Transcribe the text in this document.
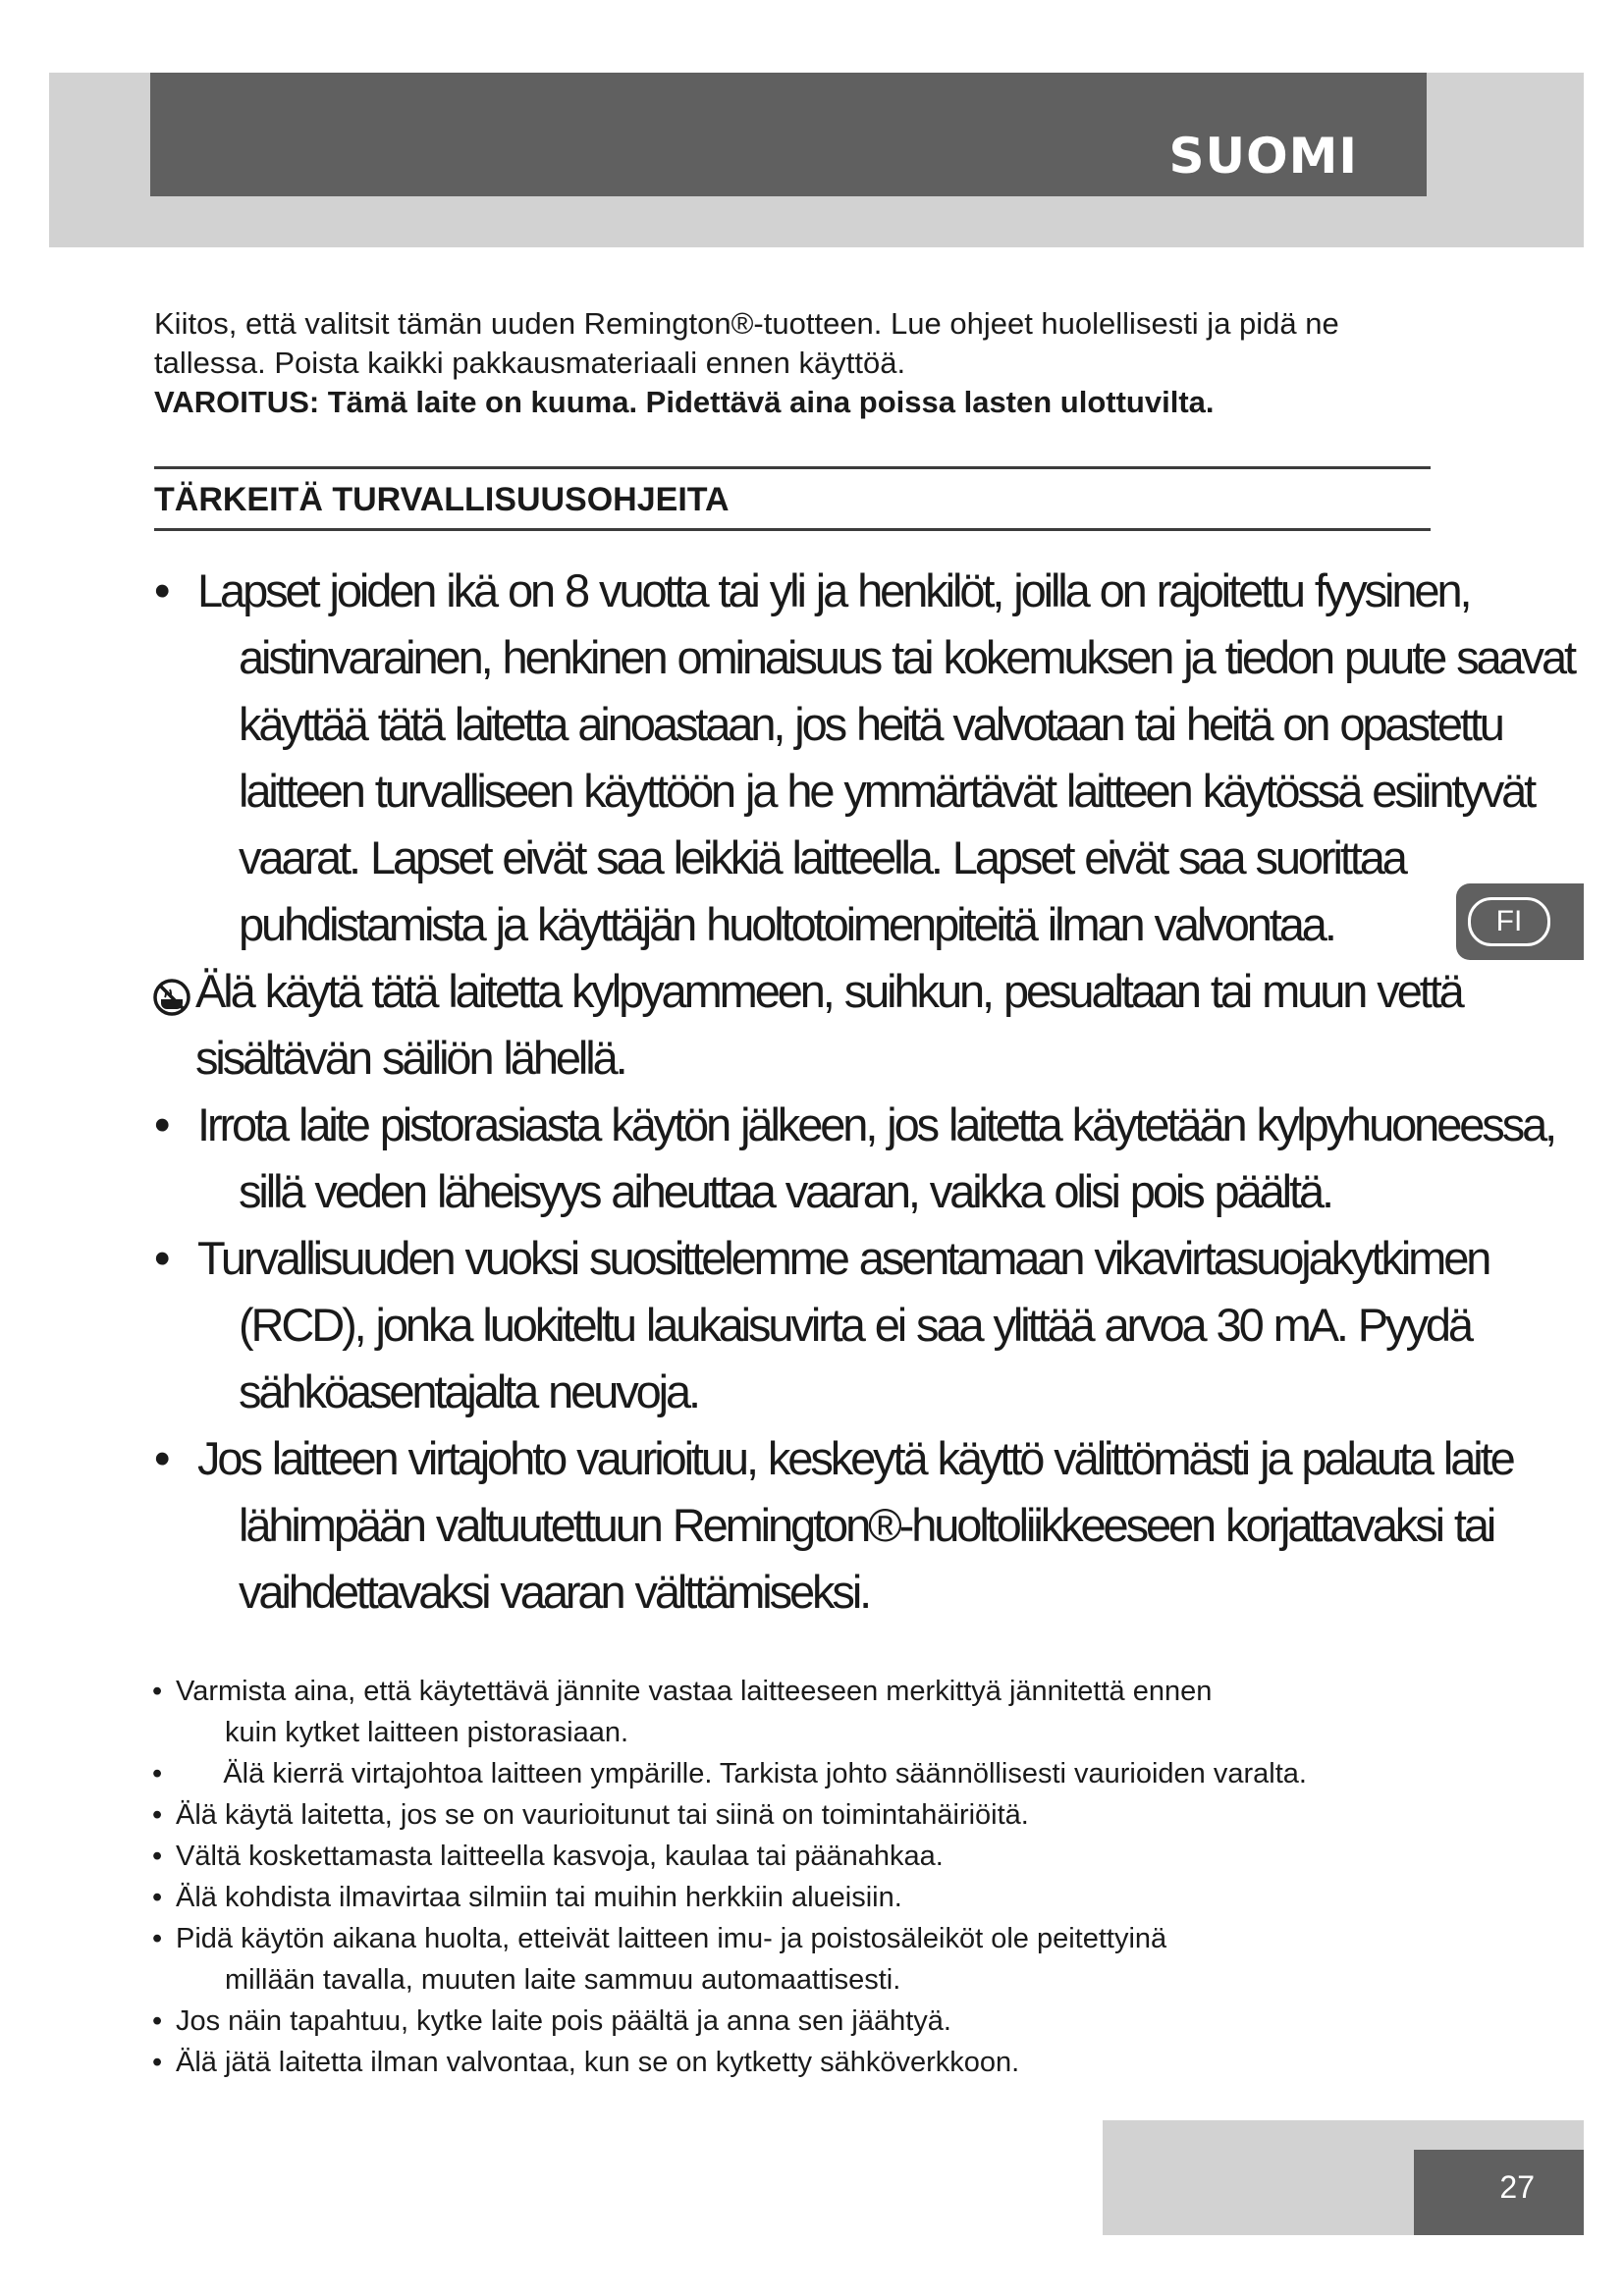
SUOMI

Kiitos, että valitsit tämän uuden Remington®-tuotteen. Lue ohjeet huolellisesti ja pidä ne

tallessa. Poista kaikki pakkausmateriaali ennen käyttöä.

VAROITUS: Tämä laite on kuuma. Pidettävä aina poissa lasten ulottuvilta.

TÄRKEITÄ TURVALLISUUSOHJEITA
• Lapset joiden ikä on 8 vuotta tai yli ja henkilöt, joilla on rajoitettu fyysinen,
aistinvarainen, henkinen ominaisuus tai kokemuksen ja tiedon puute saavat
käyttää tätä laitetta ainoastaan, jos heitä valvotaan tai heitä on opastettu
laitteen turvalliseen käyttöön ja he ymmärtävät laitteen käytössä esiintyvät
vaarat. Lapset eivät saa leikkiä laitteella. Lapset eivät saa suorittaa
puhdistamista ja käyttäjän huoltotoimenpiteitä ilman valvontaa.
Älä käytä tätä laitetta kylpyammeen, suihkun, pesualtaan tai muun vettä
sisältävän säiliön lähellä.
• Irrota laite pistorasiasta käytön jälkeen, jos laitetta käytetään kylpyhuoneessa,
sillä veden läheisyys aiheuttaa vaaran, vaikka olisi pois päältä.
• Turvallisuuden vuoksi suosittelemme asentamaan vikavirtasuojakytkimen
(RCD), jonka luokiteltu laukaisuvirta ei saa ylittää arvoa 30 mA. Pyydä
sähköasentajalta neuvoja.
• Jos laitteen virtajohto vaurioituu, keskeytä käyttö välittömästi ja palauta laite
lähimpään valtuutettuun Remington®-huoltoliikkeeseen korjattavaksi tai
vaihdettavaksi vaaran välttämiseksi.
• Varmista aina, että käytettävä jännite vastaa laitteeseen merkittyä jännitettä ennen
kuin kytket laitteen pistorasiaan.
• Älä kierrä virtajohtoa laitteen ympärille. Tarkista johto säännöllisesti vaurioiden varalta.
• Älä käytä laitetta, jos se on vaurioitunut tai siinä on toimintahäiriöitä.
• Vältä koskettamasta laitteella kasvoja, kaulaa tai päänahkaa.
• Älä kohdista ilmavirtaa silmiin tai muihin herkkiin alueisiin.
• Pidä käytön aikana huolta, etteivät laitteen imu- ja poistosäleiköt ole peitettyinä
millään tavalla, muuten laite sammuu automaattisesti.
• Jos näin tapahtuu, kytke laite pois päältä ja anna sen jäähtyä.
• Älä jätä laitetta ilman valvontaa, kun se on kytketty sähköverkkoon.
FI
27
